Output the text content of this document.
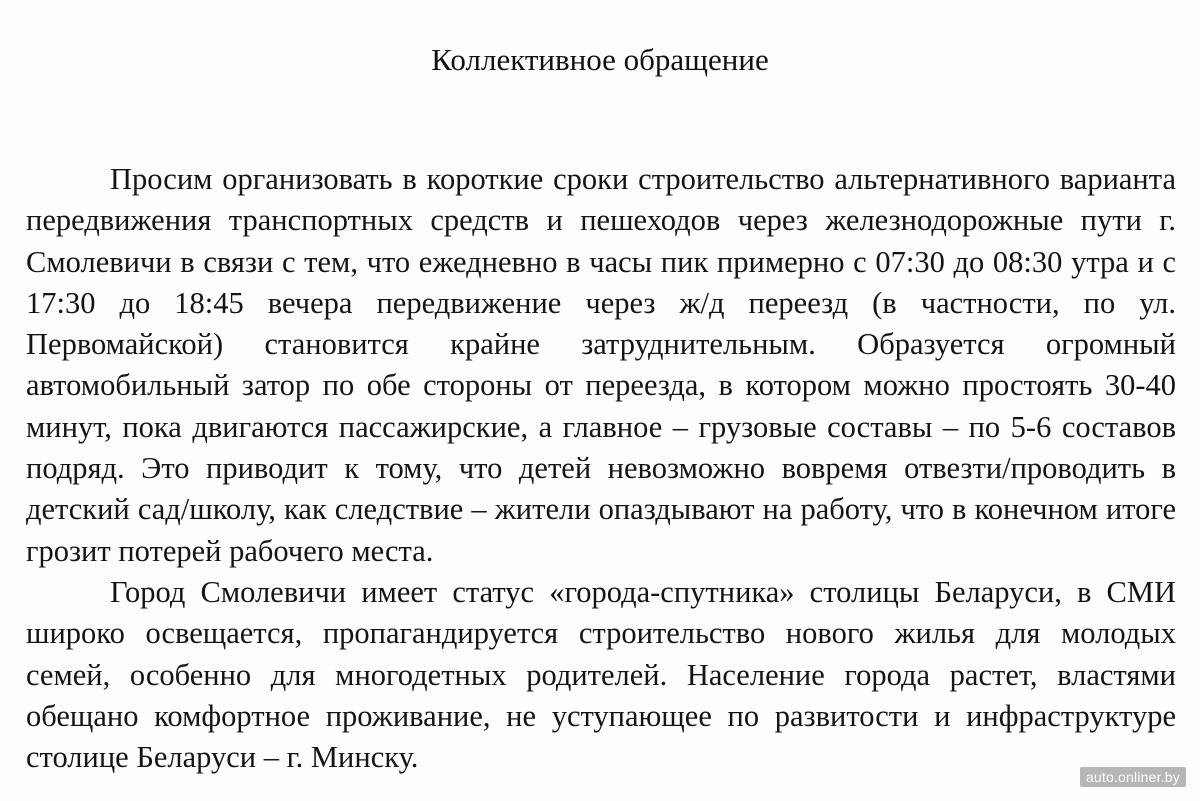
Коллективное обращение

Просим организовать в короткие сроки строительство альтернативного варианта передвижения транспортных средств и пешеходов через железнодорожные пути г. Смолевичи в связи с тем, что ежедневно в часы пик примерно с 07:30 до 08:30 утра и с 17:30 до 18:45 вечера передвижение через ж/д переезд (в частности, по ул. Первомайской) становится крайне затруднительным. Образуется огромный автомобильный затор по обе стороны от переезда, в котором можно простоять 30-40 минут, пока двигаются пассажирские, а главное – грузовые составы – по 5-6 составов подряд. Это приводит к тому, что детей невозможно вовремя отвезти/проводить в детский сад/школу, как следствие – жители опаздывают на работу, что в конечном итоге грозит потерей рабочего места.

Город Смолевичи имеет статус «города-спутника» столицы Беларуси, в СМИ широко освещается, пропагандируется строительство нового жилья для молодых семей, особенно для многодетных родителей. Население города растет, властями обещано комфортное проживание, не уступающее по развитости и инфраструктуре столице Беларуси – г. Минску.

auto.onliner.by
